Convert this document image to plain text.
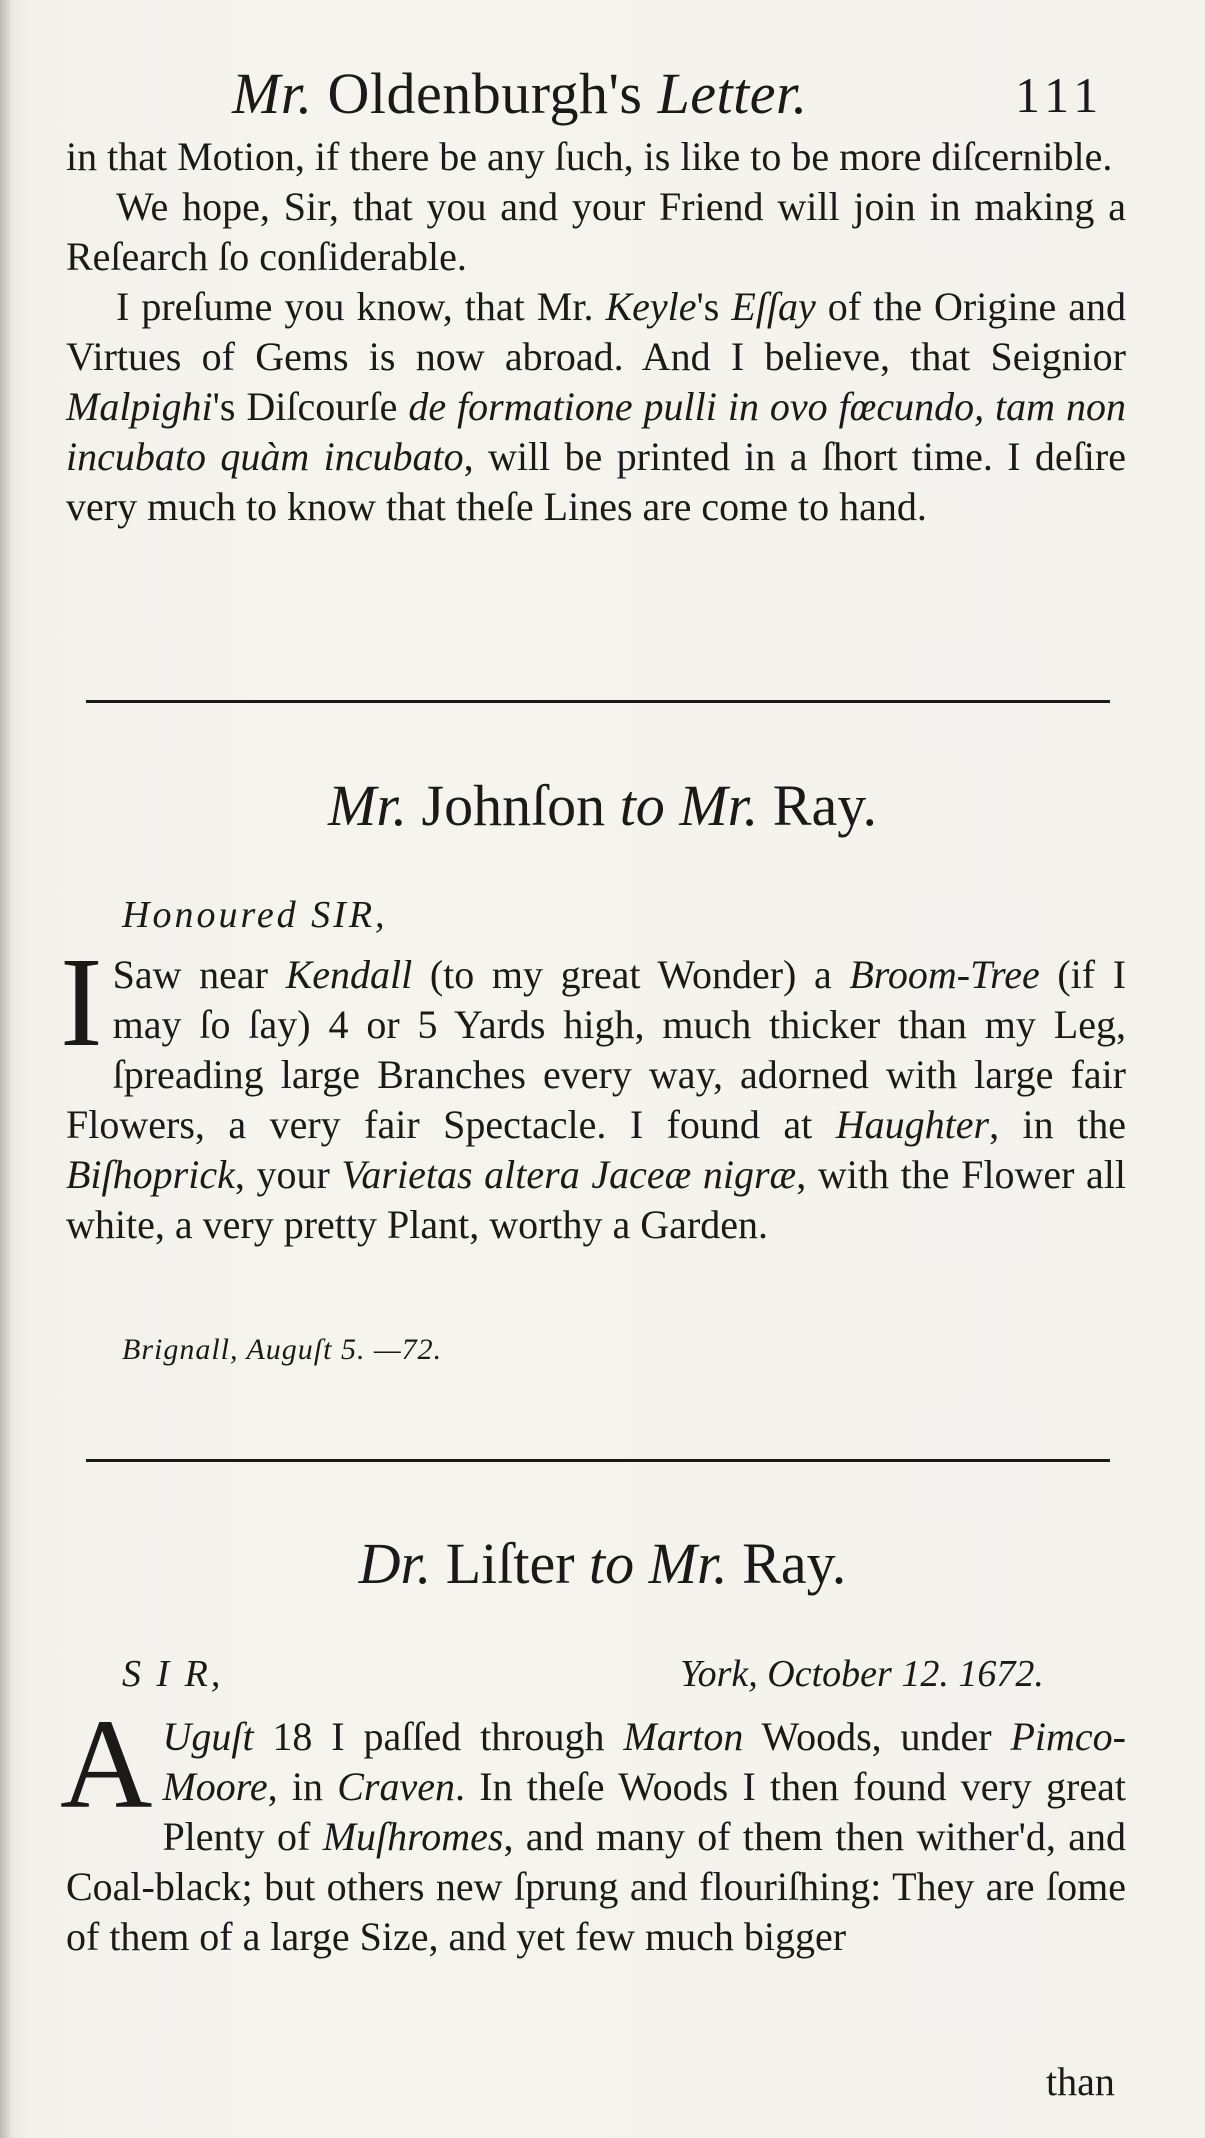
Mr. Oldenburgh's Letter.	111

in that Motion, if there be any ſuch, is like to be more diſcernible.

We hope, Sir, that you and your Friend will join in making a Reſearch ſo conſiderable.

I preſume you know, that Mr. Keyle's Eſſay of the Origine and Virtues of Gems is now abroad. And I believe, that Seignior Malpighi's Diſcourſe de formatione pulli in ovo fœcundo, tam non incubato quàm incubato, will be printed in a ſhort time. I deſire very much to know that theſe Lines are come to hand.

Mr. Johnſon to Mr. Ray.
Honoured SIR,

I Saw near Kendall (to my great Wonder) a Broom-Tree (if I may ſo ſay) 4 or 5 Yards high, much thicker than my Leg, ſpreading large Branches every way, adorned with large fair Flowers, a very fair Spectacle. I found at Haughter, in the Biſhoprick, your Varietas altera Jaceæ nigræ, with the Flower all white, a very pretty Plant, worthy a Garden.

Brignall, Auguſt 5. —72.
Dr. Liſter to Mr. Ray.
S I R,	York, October 12. 1672.

A Uguſt 18 I paſſed through Marton Woods, under Pimco-Moore, in Craven. In theſe Woods I then found very great Plenty of Muſhromes, and many of them then wither'd, and Coal-black; but others new ſprung and flouriſhing: They are ſome of them of a large Size, and yet few much bigger

than
